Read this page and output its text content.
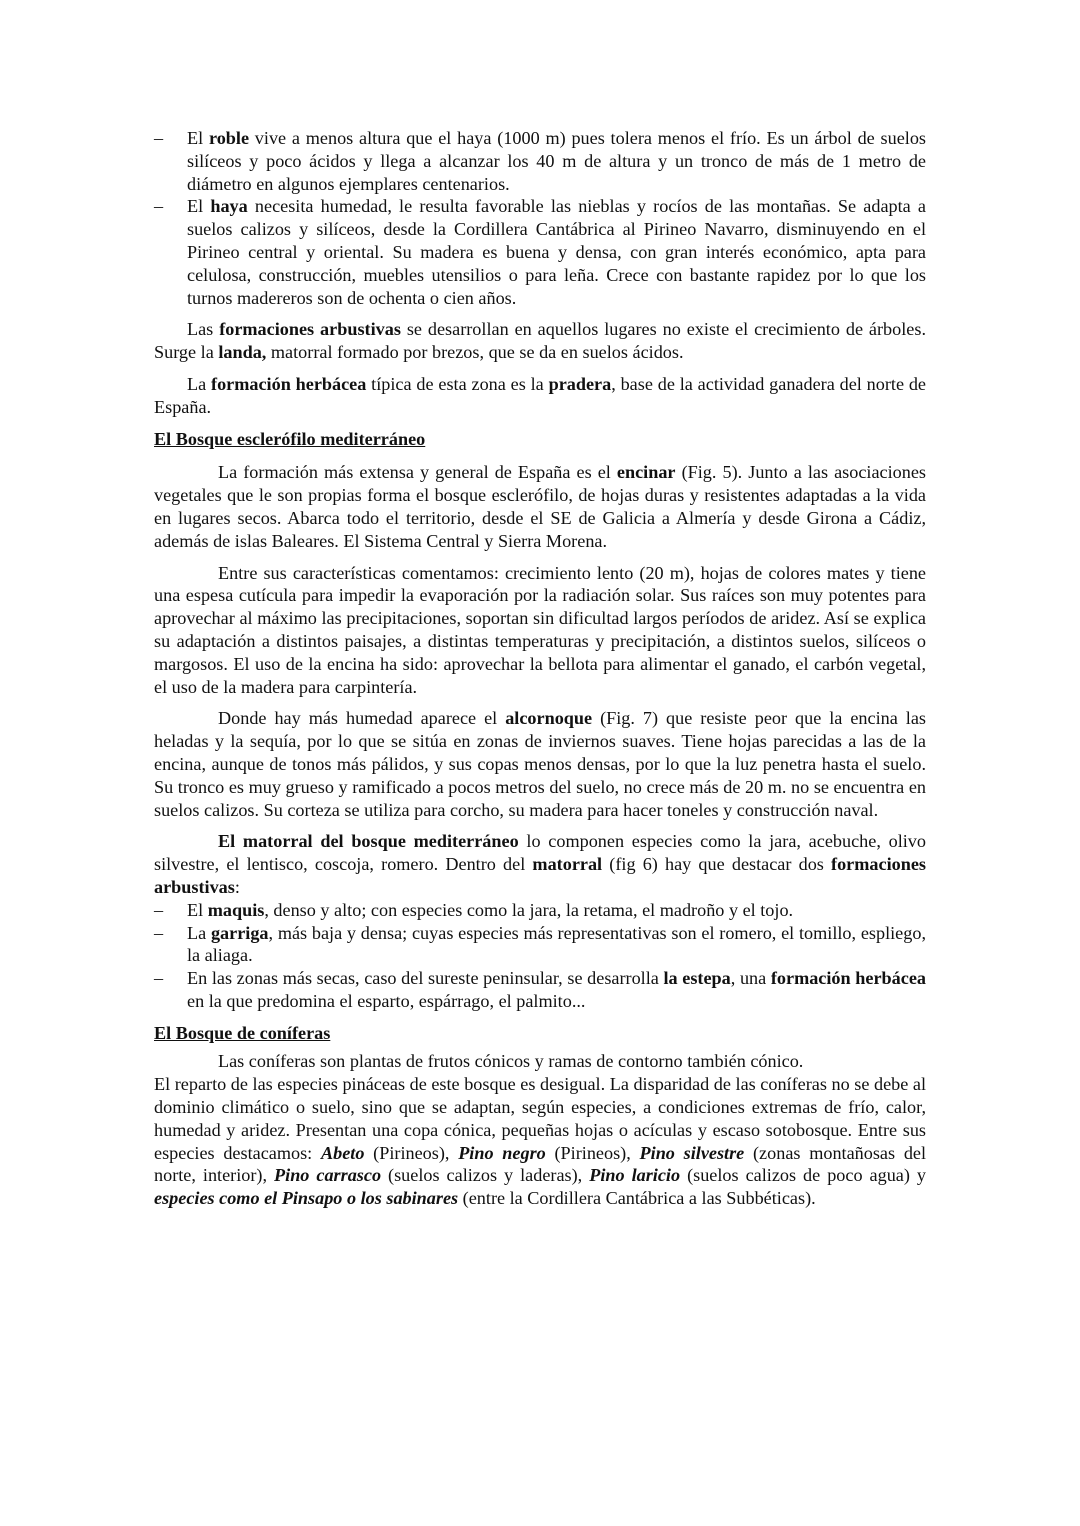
– El roble vive a menos altura que el haya (1000 m) pues tolera menos el frío. Es un árbol de suelos silíceos y poco ácidos y llega a alcanzar los 40 m de altura y un tronco de más de 1 metro de diámetro en algunos ejemplares centenarios.
– El haya necesita humedad, le resulta favorable las nieblas y rocíos de las montañas. Se adapta a suelos calizos y silíceos, desde la Cordillera Cantábrica al Pirineo Navarro, disminuyendo en el Pirineo central y oriental. Su madera es buena y densa, con gran interés económico, apta para celulosa, construcción, muebles utensilios o para leña. Crece con bastante rapidez por lo que los turnos madereros son de ochenta o cien años.
Las formaciones arbustivas se desarrollan en aquellos lugares no existe el crecimiento de árboles. Surge la landa, matorral formado por brezos, que se da en suelos ácidos.
La formación herbácea típica de esta zona es la pradera, base de la actividad ganadera del norte de España.
El Bosque esclerófilo mediterráneo
La formación más extensa y general de España es el encinar (Fig. 5). Junto a las asociaciones vegetales que le son propias forma el bosque esclerófilo, de hojas duras y resistentes adaptadas a la vida en lugares secos. Abarca todo el territorio, desde el SE de Galicia a Almería y desde Girona a Cádiz, además de islas Baleares. El Sistema Central y Sierra Morena.
Entre sus características comentamos: crecimiento lento (20 m), hojas de colores mates y tiene una espesa cutícula para impedir la evaporación por la radiación solar. Sus raíces son muy potentes para aprovechar al máximo las precipitaciones, soportan sin dificultad largos períodos de aridez. Así se explica su adaptación a distintos paisajes, a distintas temperaturas y precipitación, a distintos suelos, silíceos o margosos. El uso de la encina ha sido: aprovechar la bellota para alimentar el ganado, el carbón vegetal, el uso de la madera para carpintería.
Donde hay más humedad aparece el alcornoque (Fig. 7) que resiste peor que la encina las heladas y la sequía, por lo que se sitúa en zonas de inviernos suaves. Tiene hojas parecidas a las de la encina, aunque de tonos más pálidos, y sus copas menos densas, por lo que la luz penetra hasta el suelo. Su tronco es muy grueso y ramificado a pocos metros del suelo, no crece más de 20 m. no se encuentra en suelos calizos. Su corteza se utiliza para corcho, su madera para hacer toneles y construcción naval.
El matorral del bosque mediterráneo lo componen especies como la jara, acebuche, olivo silvestre, el lentisco, coscoja, romero. Dentro del matorral (fig 6) hay que destacar dos formaciones arbustivas:
– El maquis, denso y alto; con especies como la jara, la retama, el madroño y el tojo.
– La garriga, más baja y densa; cuyas especies más representativas son el romero, el tomillo, espliego, la aliaga.
– En las zonas más secas, caso del sureste peninsular, se desarrolla la estepa, una formación herbácea en la que predomina el esparto, espárrago, el palmito...
El Bosque de coníferas
Las coníferas son plantas de frutos cónicos y ramas de contorno también cónico.
El reparto de las especies pináceas de este bosque es desigual. La disparidad de las coníferas no se debe al dominio climático o suelo, sino que se adaptan, según especies, a condiciones extremas de frío, calor, humedad y aridez. Presentan una copa cónica, pequeñas hojas o acículas y escaso sotobosque. Entre sus especies destacamos: Abeto (Pirineos), Pino negro (Pirineos), Pino silvestre (zonas montañosas del norte, interior), Pino carrasco (suelos calizos y laderas), Pino laricio (suelos calizos de poco agua) y especies como el Pinsapo o los sabinares (entre la Cordillera Cantábrica a las Subbéticas).
